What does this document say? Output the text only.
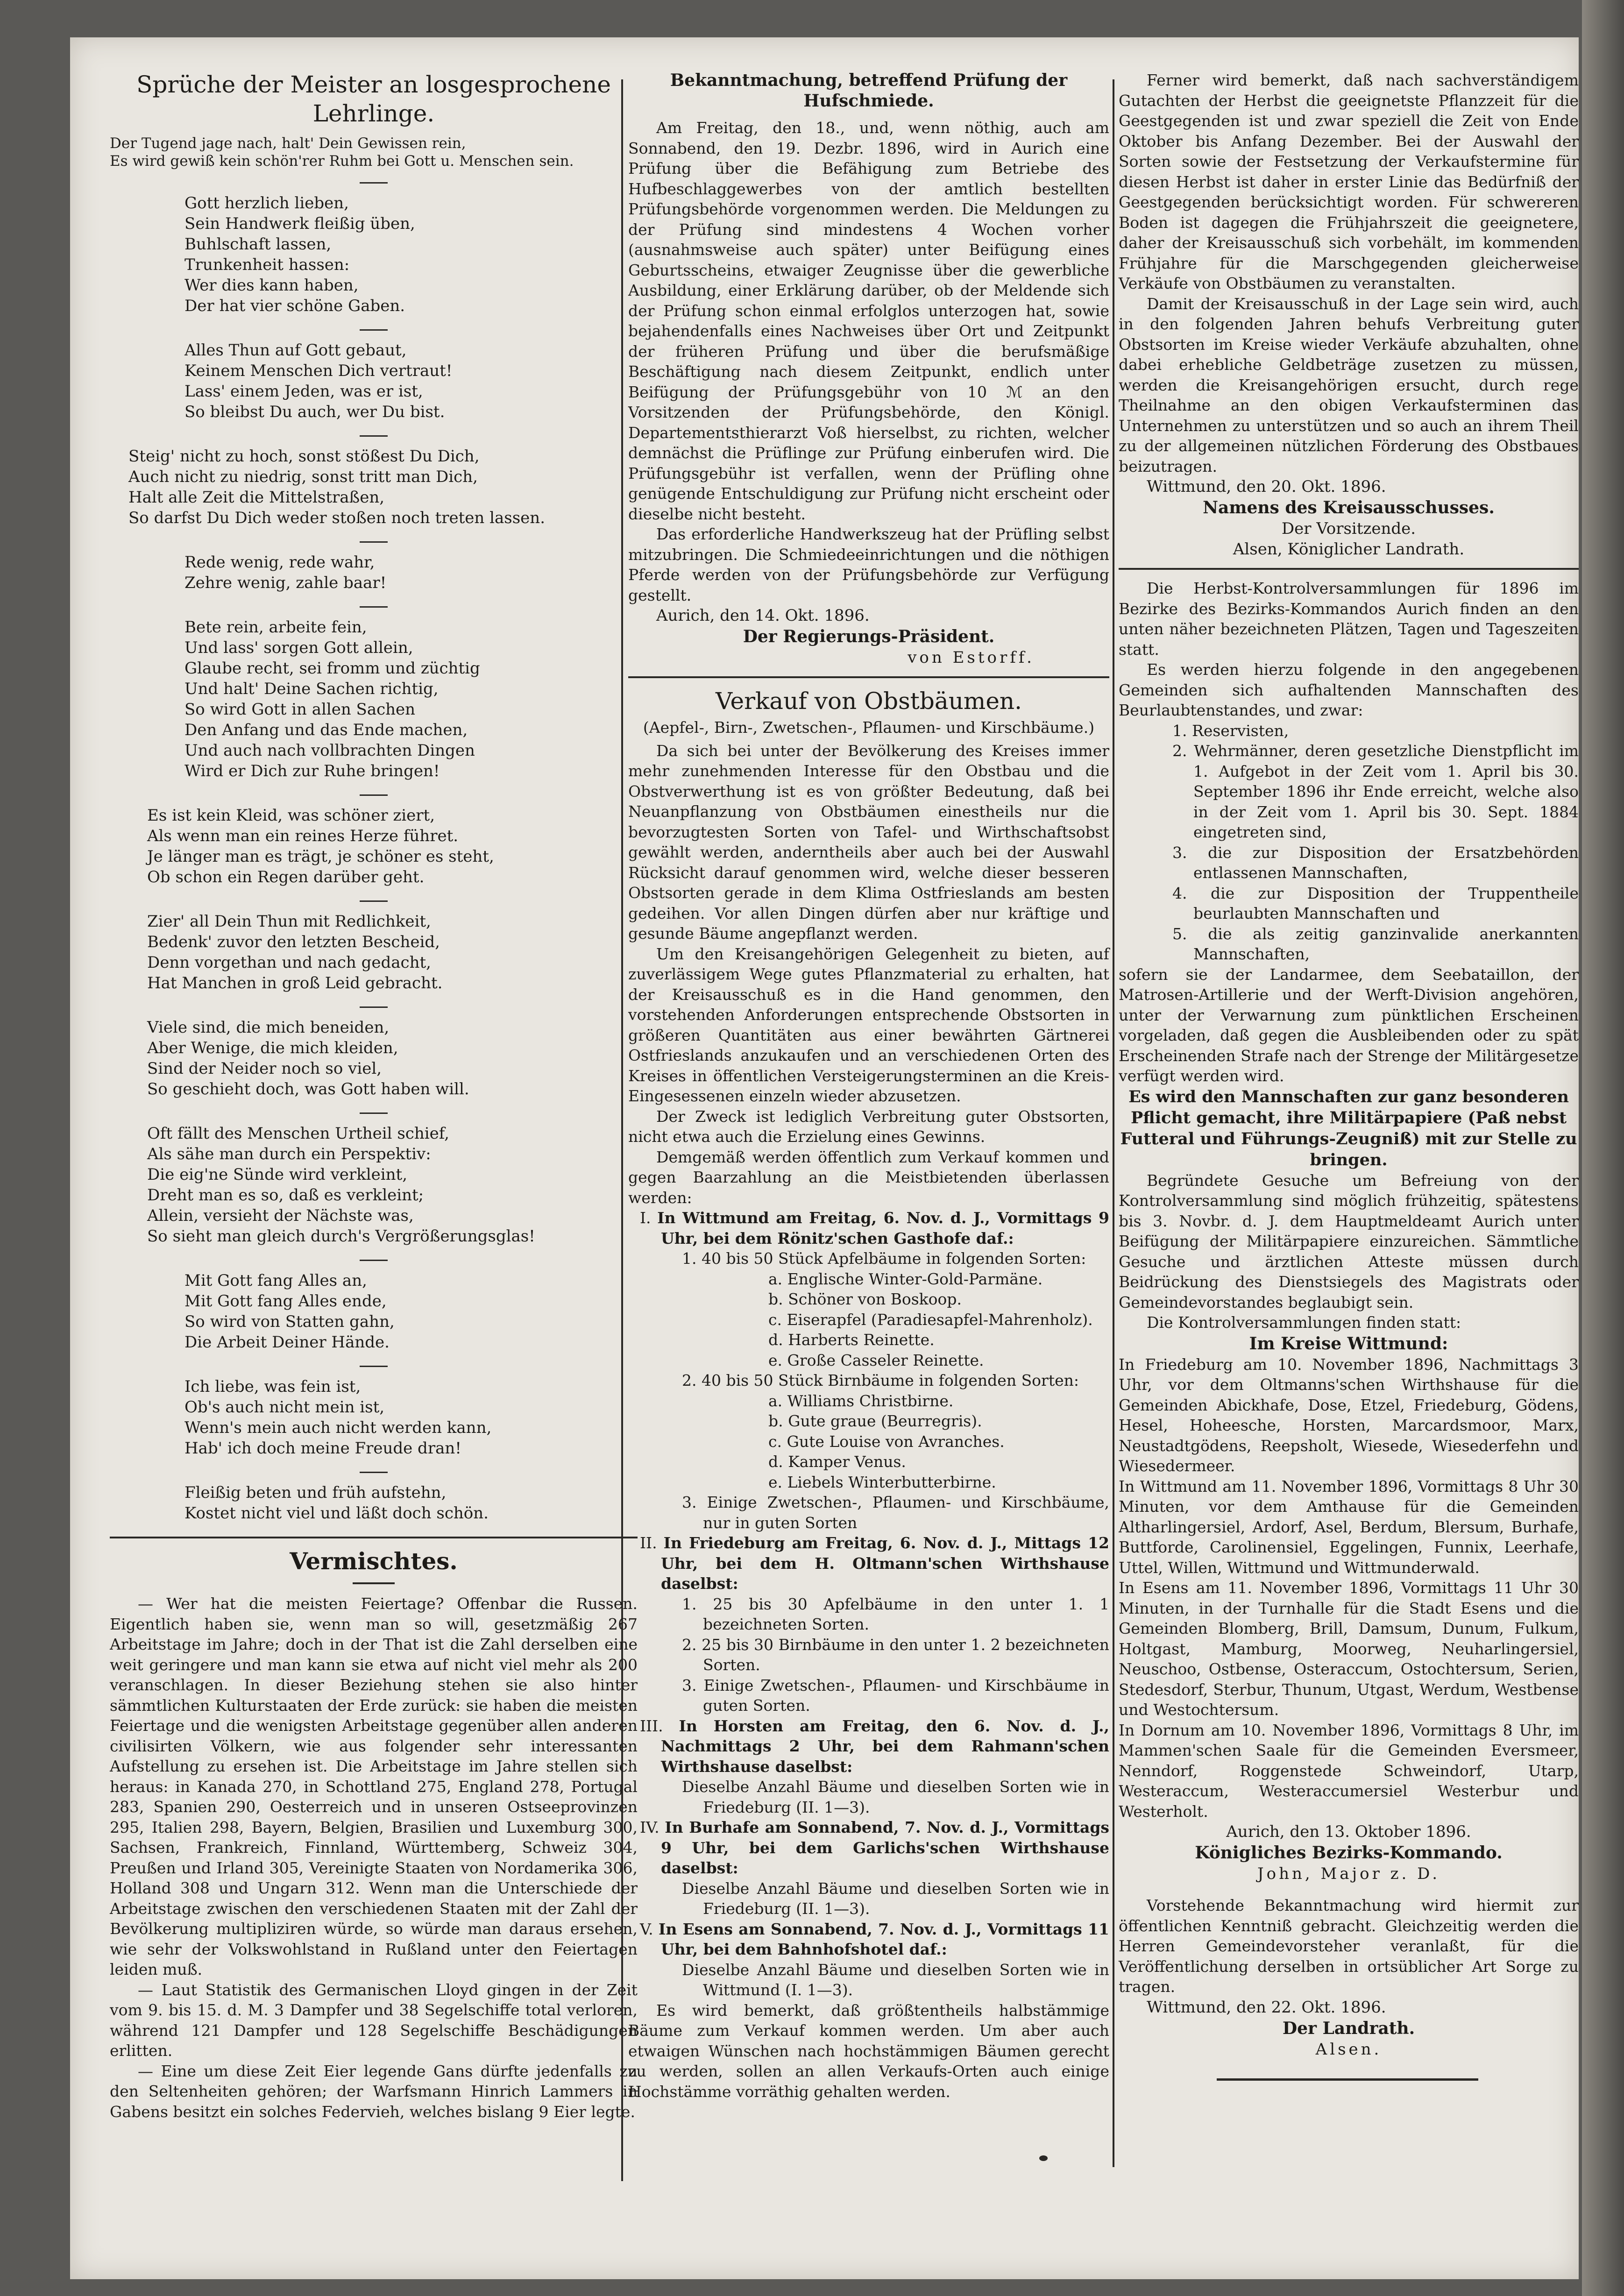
Sprüche der Meister an losgesprochene Lehrlinge.
Der Tugend jage nach, halt' Dein Gewissen rein,
Es wird gewiß kein schön'rer Ruhm bei Gott u. Menschen sein.
Gott herzlich lieben,
Sein Handwerk fleißig üben,
Buhlschaft lassen,
Trunkenheit hassen:
Wer dies kann haben,
Der hat vier schöne Gaben.
Alles Thun auf Gott gebaut,
Keinem Menschen Dich vertraut!
Lass' einem Jeden, was er ist,
So bleibst Du auch, wer Du bist.
Steig' nicht zu hoch, sonst stößest Du Dich,
Auch nicht zu niedrig, sonst tritt man Dich,
Halt alle Zeit die Mittelstraßen,
So darfst Du Dich weder stoßen noch treten lassen.
Rede wenig, rede wahr,
Zehre wenig, zahle baar!
Bete rein, arbeite fein,
Und lass' sorgen Gott allein,
Glaube recht, sei fromm und züchtig
Und halt' Deine Sachen richtig,
So wird Gott in allen Sachen
Den Anfang und das Ende machen,
Und auch nach vollbrachten Dingen
Wird er Dich zur Ruhe bringen!
Es ist kein Kleid, was schöner ziert,
Als wenn man ein reines Herze führet.
Je länger man es trägt, je schöner es steht,
Ob schon ein Regen darüber geht.
Zier' all Dein Thun mit Redlichkeit,
Bedenk' zuvor den letzten Bescheid,
Denn vorgethan und nach gedacht,
Hat Manchen in groß Leid gebracht.
Viele sind, die mich beneiden,
Aber Wenige, die mich kleiden,
Sind der Neider noch so viel,
So geschieht doch, was Gott haben will.
Oft fällt des Menschen Urtheil schief,
Als sähe man durch ein Perspektiv:
Die eig'ne Sünde wird verkleint,
Dreht man es so, daß es verkleint;
Allein, versieht der Nächste was,
So sieht man gleich durch's Vergrößerungsglas!
Mit Gott fang Alles an,
Mit Gott fang Alles ende,
So wird von Statten gahn,
Die Arbeit Deiner Hände.
Ich liebe, was fein ist,
Ob's auch nicht mein ist,
Wenn's mein auch nicht werden kann,
Hab' ich doch meine Freude dran!
Fleißig beten und früh aufstehn,
Kostet nicht viel und läßt doch schön.
Vermischtes.

— Wer hat die meisten Feiertage? Offenbar die Russen. Eigentlich haben sie, wenn man so will, gesetzmäßig 267 Arbeitstage im Jahre; doch in der That ist die Zahl derselben eine weit geringere und man kann sie etwa auf nicht viel mehr als 200 veranschlagen. In dieser Beziehung stehen sie also hinter sämmtlichen Kulturstaaten der Erde zurück: sie haben die meisten Feiertage und die wenigsten Arbeitstage gegenüber allen anderen civilisirten Völkern, wie aus folgender sehr interessanten Aufstellung zu ersehen ist. Die Arbeitstage im Jahre stellen sich heraus: in Kanada 270, in Schottland 275, England 278, Portugal 283, Spanien 290, Oesterreich und in unseren Ostseeprovinzen 295, Italien 298, Bayern, Belgien, Brasilien und Luxemburg 300, Sachsen, Frankreich, Finnland, Württemberg, Schweiz 304, Preußen und Irland 305, Vereinigte Staaten von Nordamerika 306, Holland 308 und Ungarn 312. Wenn man die Unterschiede der Arbeitstage zwischen den verschiedenen Staaten mit der Zahl der Bevölkerung multipliziren würde, so würde man daraus ersehen, wie sehr der Volkswohlstand in Rußland unter den Feiertagen leiden muß.

— Laut Statistik des Germanischen Lloyd gingen in der Zeit vom 9. bis 15. d. M. 3 Dampfer und 38 Segelschiffe total verloren, während 121 Dampfer und 128 Segelschiffe Beschädigungen erlitten.

— Eine um diese Zeit Eier legende Gans dürfte jedenfalls zu den Seltenheiten gehören; der Warfsmann Hinrich Lammers in Gabens besitzt ein solches Federvieh, welches bislang 9 Eier legte.

Bekanntmachung, betreffend Prüfung der Hufschmiede.

Am Freitag, den 18., und, wenn nöthig, auch am Sonnabend, den 19. Dezbr. 1896, wird in Aurich eine Prüfung über die Befähigung zum Betriebe des Hufbeschlaggewerbes von der amtlich bestellten Prüfungsbehörde vorgenommen werden. Die Meldungen zu der Prüfung sind mindestens 4 Wochen vorher (ausnahmsweise auch später) unter Beifügung eines Geburtsscheins, etwaiger Zeugnisse über die gewerbliche Ausbildung, einer Erklärung darüber, ob der Meldende sich der Prüfung schon einmal erfolglos unterzogen hat, sowie bejahendenfalls eines Nachweises über Ort und Zeitpunkt der früheren Prüfung und über die berufsmäßige Beschäftigung nach diesem Zeitpunkt, endlich unter Beifügung der Prüfungsgebühr von 10 ℳ an den Vorsitzenden der Prüfungsbehörde, den Königl. Departementsthierarzt Voß hierselbst, zu richten, welcher demnächst die Prüflinge zur Prüfung einberufen wird. Die Prüfungsgebühr ist verfallen, wenn der Prüfling ohne genügende Entschuldigung zur Prüfung nicht erscheint oder dieselbe nicht besteht.

Das erforderliche Handwerkszeug hat der Prüfling selbst mitzubringen. Die Schmiedeeinrichtungen und die nöthigen Pferde werden von der Prüfungsbehörde zur Verfügung gestellt.

Aurich, den 14. Okt. 1896.
Der Regierungs-Präsident.
von Estorff.
Verkauf von Obstbäumen.
(Aepfel-, Birn-, Zwetschen-, Pflaumen- und Kirschbäume.)

Da sich bei unter der Bevölkerung des Kreises immer mehr zunehmenden Interesse für den Obstbau und die Obstverwerthung ist es von größter Bedeutung, daß bei Neuanpflanzung von Obstbäumen einestheils nur die bevorzugtesten Sorten von Tafel- und Wirthschaftsobst gewählt werden, anderntheils aber auch bei der Auswahl Rücksicht darauf genommen wird, welche dieser besseren Obstsorten gerade in dem Klima Ostfrieslands am besten gedeihen. Vor allen Dingen dürfen aber nur kräftige und gesunde Bäume angepflanzt werden.

Um den Kreisangehörigen Gelegenheit zu bieten, auf zuverlässigem Wege gutes Pflanzmaterial zu erhalten, hat der Kreisausschuß es in die Hand genommen, den vorstehenden Anforderungen entsprechende Obstsorten in größeren Quantitäten aus einer bewährten Gärtnerei Ostfrieslands anzukaufen und an verschiedenen Orten des Kreises in öffentlichen Versteigerungsterminen an die Kreis-Eingesessenen einzeln wieder abzusetzen.

Der Zweck ist lediglich Verbreitung guter Obstsorten, nicht etwa auch die Erzielung eines Gewinns.

Demgemäß werden öffentlich zum Verkauf kommen und gegen Baarzahlung an die Meistbietenden überlassen werden:

I. In Wittmund am Freitag, 6. Nov. d. J., Vormittags 9 Uhr, bei dem Rönitz'schen Gasthofe daf.:
1. 40 bis 50 Stück Apfelbäume in folgenden Sorten:
a. Englische Winter-Gold-Parmäne.
b. Schöner von Boskoop.
c. Eiserapfel (Paradiesapfel-Mahrenholz).
d. Harberts Reinette.
e. Große Casseler Reinette.
2. 40 bis 50 Stück Birnbäume in folgenden Sorten:
a. Williams Christbirne.
b. Gute graue (Beurregris).
c. Gute Louise von Avranches.
d. Kamper Venus.
e. Liebels Winterbutterbirne.
3. Einige Zwetschen-, Pflaumen- und Kirschbäume, nur in guten Sorten
II. In Friedeburg am Freitag, 6. Nov. d. J., Mittags 12 Uhr, bei dem H. Oltmann'schen Wirthshause daselbst:
1. 25 bis 30 Apfelbäume in den unter 1. 1 bezeichneten Sorten.
2. 25 bis 30 Birnbäume in den unter 1. 2 bezeichneten Sorten.
3. Einige Zwetschen-, Pflaumen- und Kirschbäume in guten Sorten.
III. In Horsten am Freitag, den 6. Nov. d. J., Nachmittags 2 Uhr, bei dem Rahmann'schen Wirthshause daselbst:
Dieselbe Anzahl Bäume und dieselben Sorten wie in Friedeburg (II. 1—3).
IV. In Burhafe am Sonnabend, 7. Nov. d. J., Vormittags 9 Uhr, bei dem Garlichs'schen Wirthshause daselbst:
Dieselbe Anzahl Bäume und dieselben Sorten wie in Friedeburg (II. 1—3).
V. In Esens am Sonnabend, 7. Nov. d. J., Vormittags 11 Uhr, bei dem Bahnhofshotel daf.:
Dieselbe Anzahl Bäume und dieselben Sorten wie in Wittmund (I. 1—3).
Es wird bemerkt, daß größtentheils halbstämmige Bäume zum Verkauf kommen werden. Um aber auch etwaigen Wünschen nach hochstämmigen Bäumen gerecht zu werden, sollen an allen Verkaufs-Orten auch einige Hochstämme vorräthig gehalten werden.

Ferner wird bemerkt, daß nach sachverständigem Gutachten der Herbst die geeignetste Pflanzzeit für die Geestgegenden ist und zwar speziell die Zeit von Ende Oktober bis Anfang Dezember. Bei der Auswahl der Sorten sowie der Festsetzung der Verkaufstermine für diesen Herbst ist daher in erster Linie das Bedürfniß der Geestgegenden berücksichtigt worden. Für schwereren Boden ist dagegen die Frühjahrszeit die geeignetere, daher der Kreisausschuß sich vorbehält, im kommenden Frühjahre für die Marschgegenden gleicherweise Verkäufe von Obstbäumen zu veranstalten.

Damit der Kreisausschuß in der Lage sein wird, auch in den folgenden Jahren behufs Verbreitung guter Obstsorten im Kreise wieder Verkäufe abzuhalten, ohne dabei erhebliche Geldbeträge zusetzen zu müssen, werden die Kreisangehörigen ersucht, durch rege Theilnahme an den obigen Verkaufsterminen das Unternehmen zu unterstützen und so auch an ihrem Theil zu der allgemeinen nützlichen Förderung des Obstbaues beizutragen.

Wittmund, den 20. Okt. 1896.
Namens des Kreisausschusses.
Der Vorsitzende.
Alsen, Königlicher Landrath.
Die Herbst-Kontrolversammlungen für 1896 im Bezirke des Bezirks-Kommandos Aurich finden an den unten näher bezeichneten Plätzen, Tagen und Tageszeiten statt.
Es werden hierzu folgende in den angegebenen Gemeinden sich aufhaltenden Mannschaften des Beurlaubtenstandes, und zwar:
1. Reservisten,
2. Wehrmänner, deren gesetzliche Dienstpflicht im 1. Aufgebot in der Zeit vom 1. April bis 30. September 1896 ihr Ende erreicht, welche also in der Zeit vom 1. April bis 30. Sept. 1884 eingetreten sind,
3. die zur Disposition der Ersatzbehörden entlassenen Mannschaften,
4. die zur Disposition der Truppentheile beurlaubten Mannschaften und
5. die als zeitig ganzinvalide anerkannten Mannschaften,
sofern sie der Landarmee, dem Seebataillon, der Matrosen-Artillerie und der Werft-Division angehören, unter der Verwarnung zum pünktlichen Erscheinen vorgeladen, daß gegen die Ausbleibenden oder zu spät Erscheinenden Strafe nach der Strenge der Militärgesetze verfügt werden wird.
Es wird den Mannschaften zur ganz besonderen Pflicht gemacht, ihre Militärpapiere (Paß nebst Futteral und Führungs-Zeugniß) mit zur Stelle zu bringen.
Begründete Gesuche um Befreiung von der Kontrolversammlung sind möglich frühzeitig, spätestens bis 3. Novbr. d. J. dem Hauptmeldeamt Aurich unter Beifügung der Militärpapiere einzureichen. Sämmtliche Gesuche und ärztlichen Atteste müssen durch Beidrückung des Dienstsiegels des Magistrats oder Gemeindevorstandes beglaubigt sein.
Die Kontrolversammlungen finden statt:
Im Kreise Wittmund:

In Friedeburg am 10. November 1896, Nachmittags 3 Uhr, vor dem Oltmanns'schen Wirthshause für die Gemeinden Abickhafe, Dose, Etzel, Friedeburg, Gödens, Hesel, Hoheesche, Horsten, Marcardsmoor, Marx, Neustadtgödens, Reepsholt, Wiesede, Wiesederfehn und Wiesedermeer.

In Wittmund am 11. November 1896, Vormittags 8 Uhr 30 Minuten, vor dem Amthause für die Gemeinden Altharlingersiel, Ardorf, Asel, Berdum, Blersum, Burhafe, Buttforde, Carolinensiel, Eggelingen, Funnix, Leerhafe, Uttel, Willen, Wittmund und Wittmunderwald.

In Esens am 11. November 1896, Vormittags 11 Uhr 30 Minuten, in der Turnhalle für die Stadt Esens und die Gemeinden Blomberg, Brill, Damsum, Dunum, Fulkum, Holtgast, Mamburg, Moorweg, Neuharlingersiel, Neuschoo, Ostbense, Osteraccum, Ostochtersum, Serien, Stedesdorf, Sterbur, Thunum, Utgast, Werdum, Westbense und Westochtersum.

In Dornum am 10. November 1896, Vormittags 8 Uhr, im Mammen'schen Saale für die Gemeinden Eversmeer, Nenndorf, Roggenstede Schweindorf, Utarp, Westeraccum, Westeraccumersiel Westerbur und Westerholt.

Aurich, den 13. Oktober 1896.
Königliches Bezirks-Kommando.
John, Major z. D.
Vorstehende Bekanntmachung wird hiermit zur öffentlichen Kenntniß gebracht. Gleichzeitig werden die Herren Gemeindevorsteher veranlaßt, für die Veröffentlichung derselben in ortsüblicher Art Sorge zu tragen.
Wittmund, den 22. Okt. 1896.
Der Landrath.
Alsen.
